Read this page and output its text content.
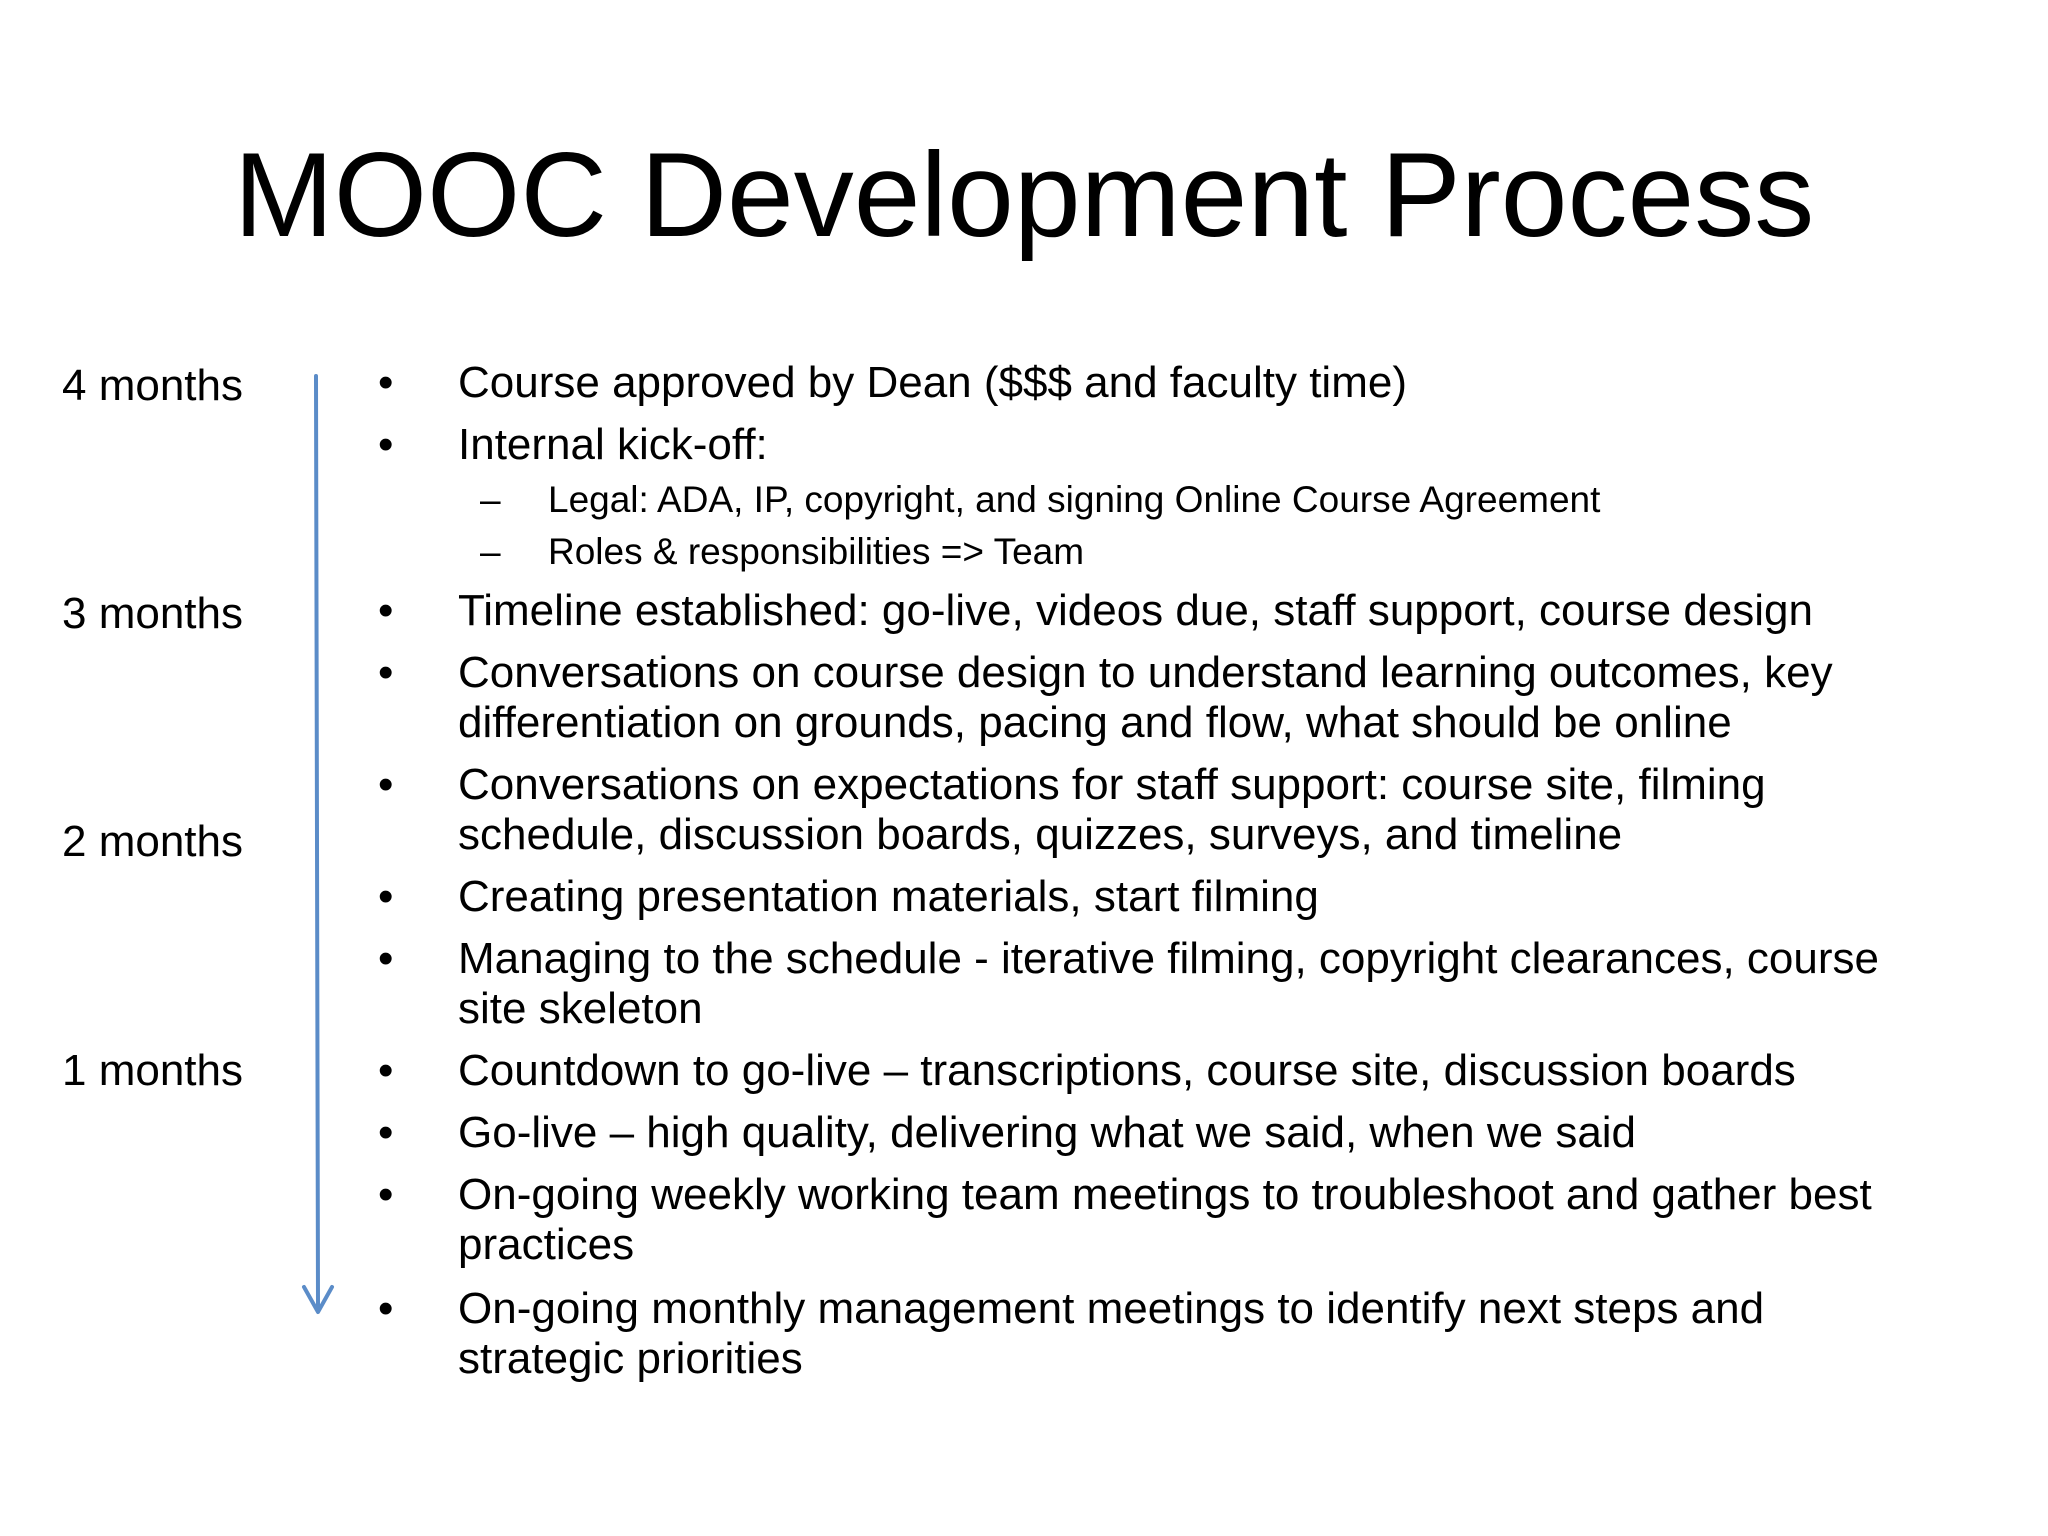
MOOC Development Process
4 months
3 months
2 months
1 months
• Course approved by Dean ($$$ and faculty time)
• Internal kick-off:
– Legal: ADA, IP, copyright, and signing Online Course Agreement
– Roles & responsibilities => Team
• Timeline established: go-live, videos due, staff support, course design
• Conversations on course design to understand learning outcomes, key
differentiation on grounds, pacing and flow, what should be online
• Conversations on expectations for staff support: course site, filming
schedule, discussion boards, quizzes, surveys, and timeline
• Creating presentation materials, start filming
• Managing to the schedule - iterative filming, copyright clearances, course
site skeleton
• Countdown to go-live – transcriptions, course site, discussion boards
• Go-live – high quality, delivering what we said, when we said
• On-going weekly working team meetings to troubleshoot and gather best
practices
• On-going monthly management meetings to identify next steps and
strategic priorities
